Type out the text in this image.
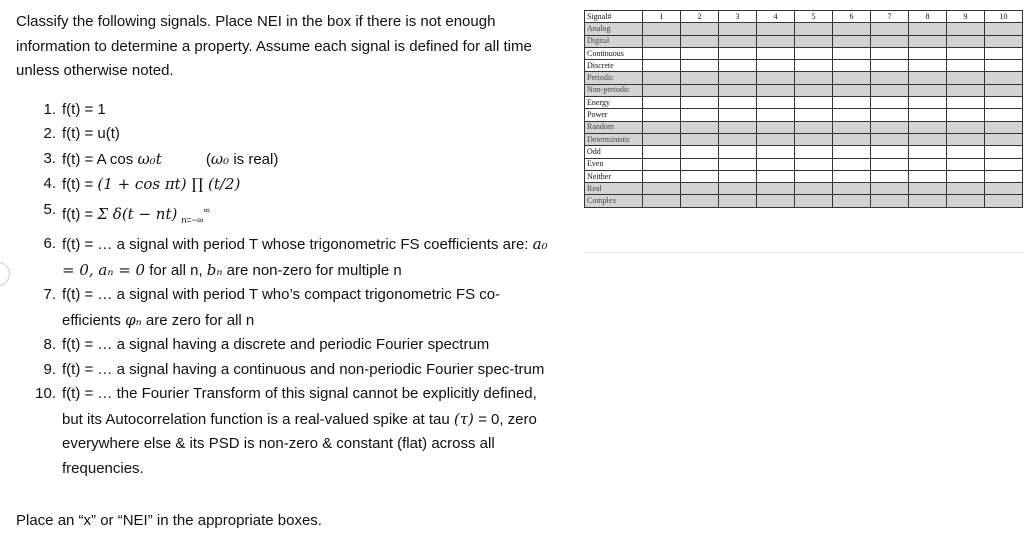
Classify the following signals. Place NEI in the box if there is not enough information to determine a property. Assume each signal is defined for all time unless otherwise noted.

1. f(t) = 1
2. f(t) = u(t)
3. f(t) = A cos ω₀t	(ω₀ is real)
4. f(t) = (1 + cos πt) ∏ (t/2)
5. f(t) = Σ δ(t − nt) $_{n=-\infty}$∞
6. f(t) = … a signal with period T whose trigonometric FS coefficients are: a₀ = 0, aₙ = 0 for all n, bₙ are non-zero for multiple n
7. f(t) = … a signal with period T who’s compact trigonometric FS co-efficients φₙ are zero for all n
8. f(t) = … a signal having a discrete and periodic Fourier spectrum
9. f(t) = … a signal having a continuous and non-periodic Fourier spec-trum
10. f(t) = … the Fourier Transform of this signal cannot be explicitly defined, but its Autocorrelation function is a real-valued spike at tau (τ) = 0, zero everywhere else & its PSD is non-zero & constant (flat) across all frequencies.
Place an “x” or “NEI” in the appropriate boxes.
Signal#	1	2	3	4	5	6	7	8	9	10
Analog										
Digital										
Continuous										
Discrete										
Periodic										
Non-periodic										
Energy										
Power										
Random										
Deterministic										
Odd										
Even										
Neither										
Real										
Complex										
